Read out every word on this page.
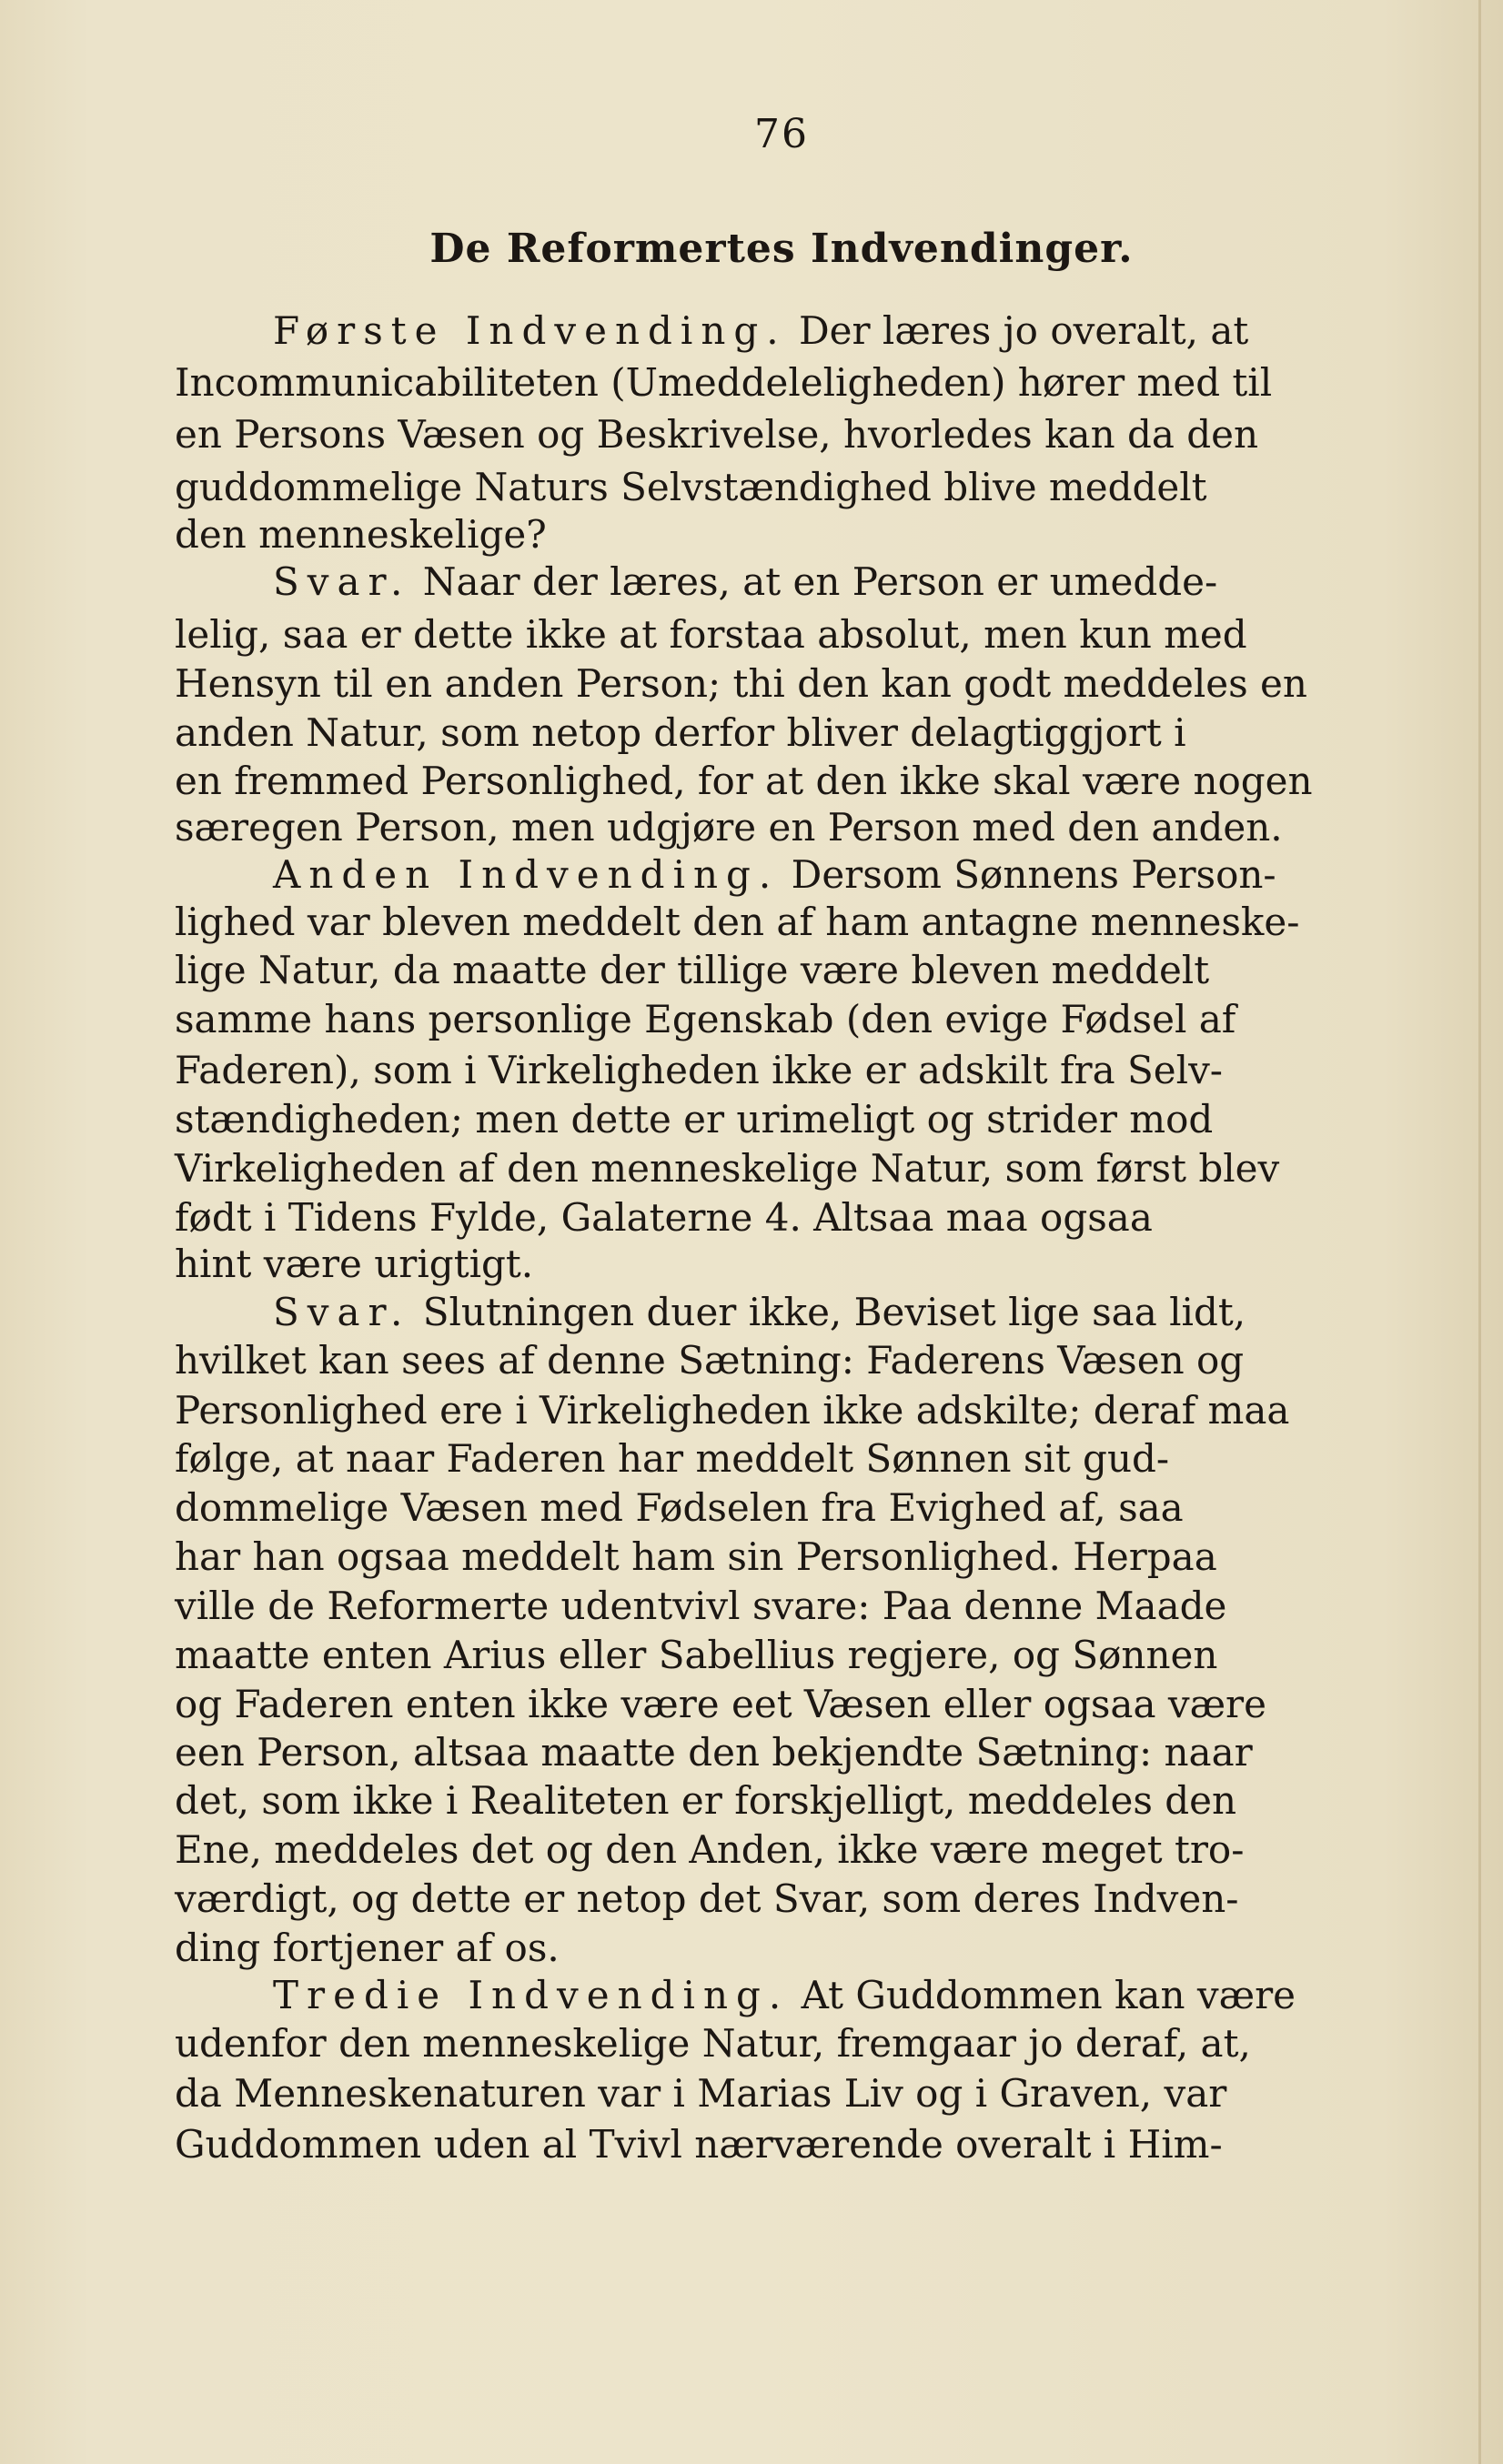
76
De Reformertes Indvendinger.
Første Indvending. Der læres jo overalt, at
Incommunicabiliteten (Umeddeleligheden) hører med til
en Persons Væsen og Beskrivelse, hvorledes kan da den
guddommelige Naturs Selvstændighed blive meddelt
den menneskelige?
Svar. Naar der læres, at en Person er umedde-
lelig, saa er dette ikke at forstaa absolut, men kun med
Hensyn til en anden Person; thi den kan godt meddeles en
anden Natur, som netop derfor bliver delagtiggjort i
en fremmed Personlighed, for at den ikke skal være nogen
særegen Person, men udgjøre en Person med den anden.
Anden Indvending. Dersom Sønnens Person-
lighed var bleven meddelt den af ham antagne menneske-
lige Natur, da maatte der tillige være bleven meddelt
samme hans personlige Egenskab (den evige Fødsel af
Faderen), som i Virkeligheden ikke er adskilt fra Selv-
stændigheden; men dette er urimeligt og strider mod
Virkeligheden af den menneskelige Natur, som først blev
født i Tidens Fylde, Galaterne 4. Altsaa maa ogsaa
hint være urigtigt.
Svar. Slutningen duer ikke, Beviset lige saa lidt,
hvilket kan sees af denne Sætning: Faderens Væsen og
Personlighed ere i Virkeligheden ikke adskilte; deraf maa
følge, at naar Faderen har meddelt Sønnen sit gud-
dommelige Væsen med Fødselen fra Evighed af, saa
har han ogsaa meddelt ham sin Personlighed. Herpaa
ville de Reformerte udentvivl svare: Paa denne Maade
maatte enten Arius eller Sabellius regjere, og Sønnen
og Faderen enten ikke være eet Væsen eller ogsaa være
een Person, altsaa maatte den bekjendte Sætning: naar
det, som ikke i Realiteten er forskjelligt, meddeles den
Ene, meddeles det og den Anden, ikke være meget tro-
værdigt, og dette er netop det Svar, som deres Indven-
ding fortjener af os.
Tredie Indvending. At Guddommen kan være
udenfor den menneskelige Natur, fremgaar jo deraf, at,
da Menneskenaturen var i Marias Liv og i Graven, var
Guddommen uden al Tvivl nærværende overalt i Him-
